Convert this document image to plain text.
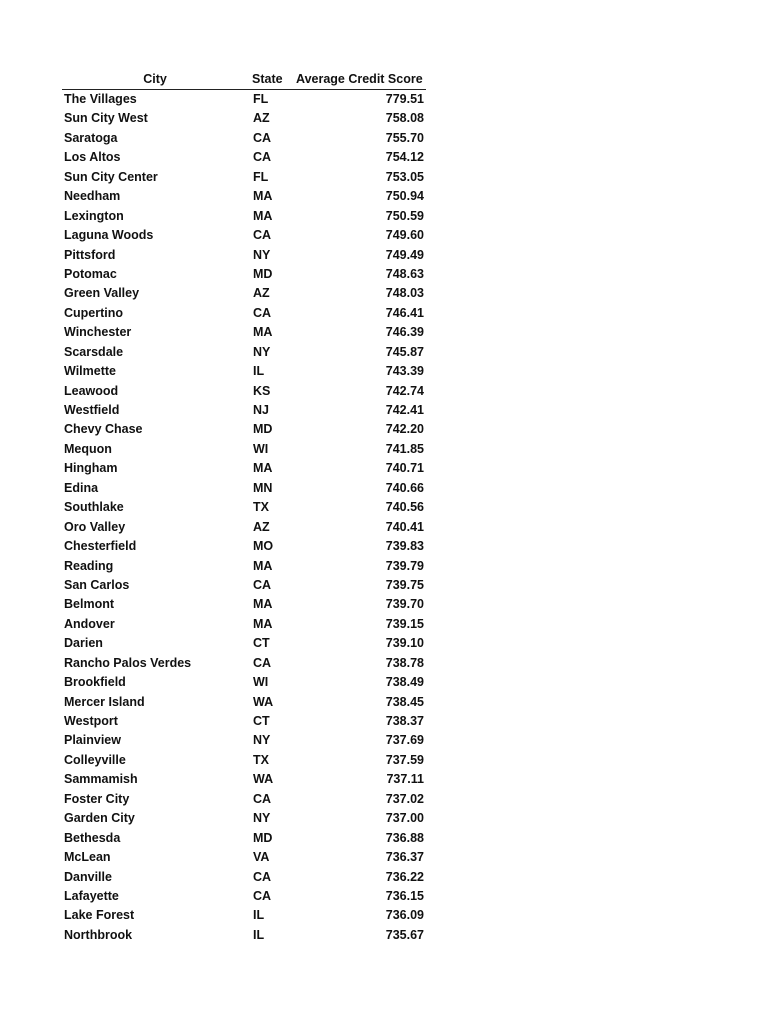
City	State Average Credit Score
The Villages	FL	779.51
Sun City West	AZ	758.08
Saratoga	CA	755.70
Los Altos	CA	754.12
Sun City Center	FL	753.05
Needham	MA	750.94
Lexington	MA	750.59
Laguna Woods	CA	749.60
Pittsford	NY	749.49
Potomac	MD	748.63
Green Valley	AZ	748.03
Cupertino	CA	746.41
Winchester	MA	746.39
Scarsdale	NY	745.87
Wilmette	IL	743.39
Leawood	KS	742.74
Westfield	NJ	742.41
Chevy Chase	MD	742.20
Mequon	WI	741.85
Hingham	MA	740.71
Edina	MN	740.66
Southlake	TX	740.56
Oro Valley	AZ	740.41
Chesterfield	MO	739.83
Reading	MA	739.79
San Carlos	CA	739.75
Belmont	MA	739.70
Andover	MA	739.15
Darien	CT	739.10
Rancho Palos Verdes	CA	738.78
Brookfield	WI	738.49
Mercer Island	WA	738.45
Westport	CT	738.37
Plainview	NY	737.69
Colleyville	TX	737.59
Sammamish	WA	737.11
Foster City	CA	737.02
Garden City	NY	737.00
Bethesda	MD	736.88
McLean	VA	736.37
Danville	CA	736.22
Lafayette	CA	736.15
Lake Forest	IL	736.09
Northbrook	IL	735.67
